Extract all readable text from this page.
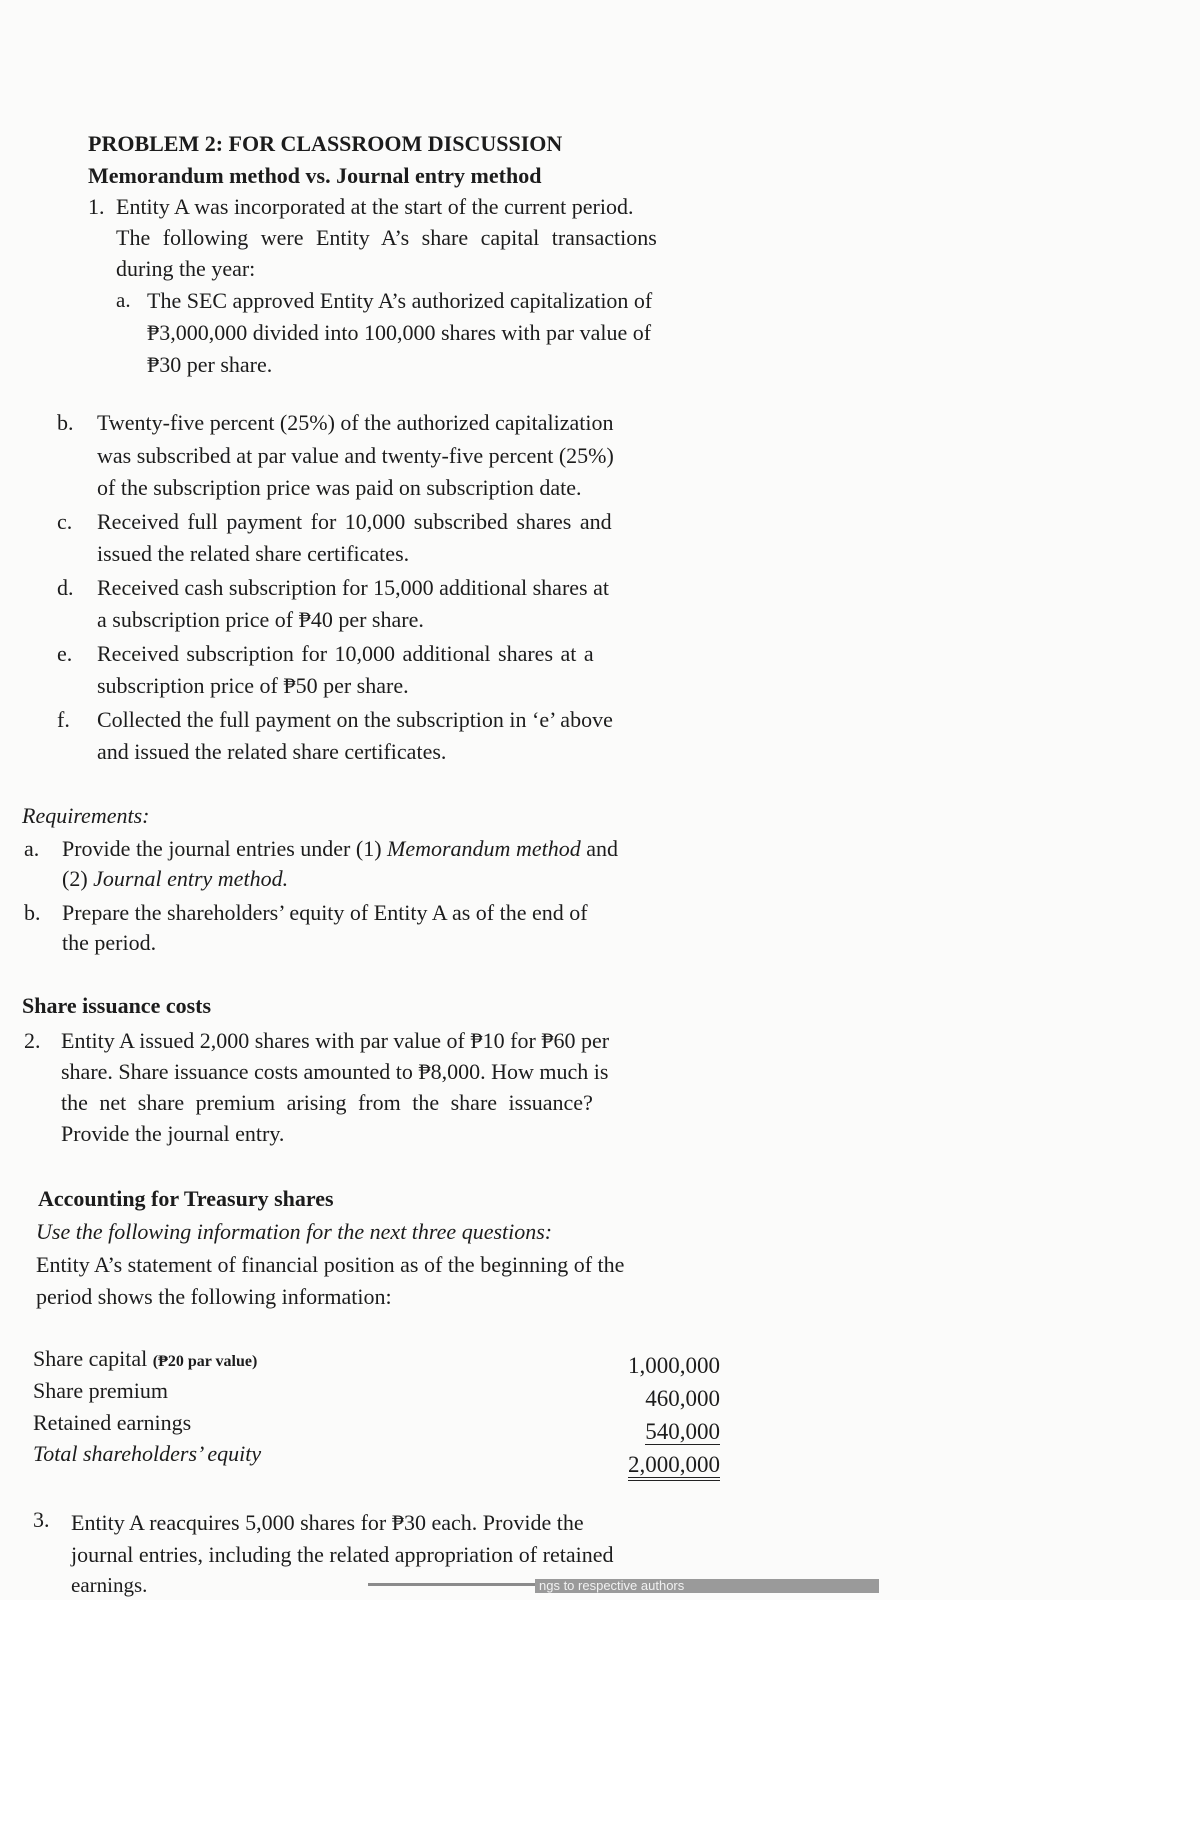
PROBLEM 2: FOR CLASSROOM DISCUSSION
Memorandum method vs. Journal entry method
1. Entity A was incorporated at the start of the current period.
The following were Entity A’s share capital transactions
during the year:
a. The SEC approved Entity A’s authorized capitalization of
₱3,000,000 divided into 100,000 shares with par value of
₱30 per share.
b. Twenty-five percent (25%) of the authorized capitalization
was subscribed at par value and twenty-five percent (25%)
of the subscription price was paid on subscription date.
c. Received full payment for 10,000 subscribed shares and
issued the related share certificates.
d. Received cash subscription for 15,000 additional shares at
a subscription price of ₱40 per share.
e. Received subscription for 10,000 additional shares at a
subscription price of ₱50 per share.
f. Collected the full payment on the subscription in ‘e’ above
and issued the related share certificates.
Requirements:
a. Provide the journal entries under (1) Memorandum method and
(2) Journal entry method.
b. Prepare the shareholders’ equity of Entity A as of the end of
the period.
Share issuance costs
2. Entity A issued 2,000 shares with par value of ₱10 for ₱60 per
share. Share issuance costs amounted to ₱8,000. How much is
the net share premium arising from the share issuance?
Provide the journal entry.
Accounting for Treasury shares
Use the following information for the next three questions:
Entity A’s statement of financial position as of the beginning of the
period shows the following information:
Share capital (₱20 par value)	1,000,000
Share premium	460,000
Retained earnings	540,000
Total shareholders’ equity	2,000,000
3. Entity A reacquires 5,000 shares for ₱30 each. Provide the
journal entries, including the related appropriation of retained
earnings.	ngs to respective authors
